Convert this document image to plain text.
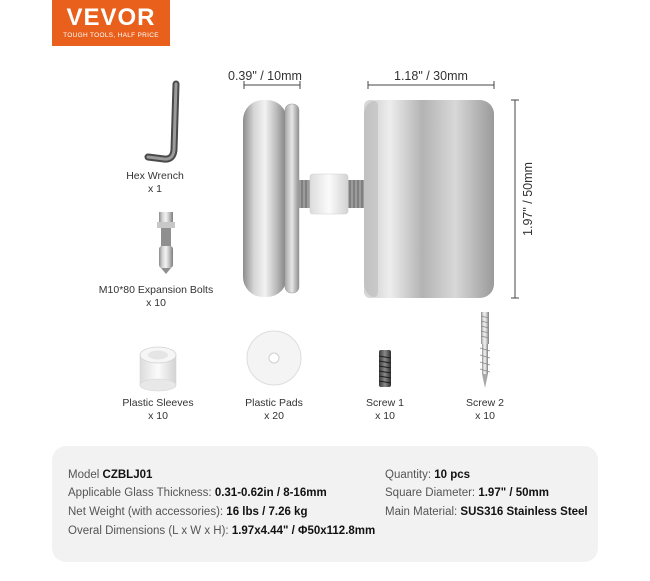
VEVOR
TOUGH TOOLS, HALF PRICE
0.39" / 10mm	1.18" / 30mm
1.97" / 50mm
Hex Wrench
x 1
M10*80 Expansion Bolts
x 10
Plastic Sleeves
x 10
Plastic Pads
x 20
Screw 1
x 10
Screw 2
x 10
Model CZBLJ01
Applicable Glass Thickness: 0.31-0.62in / 8-16mm
Net Weight (with accessories): 16 lbs / 7.26 kg
Overal Dimensions (L x W x H): 1.97x4.44" / Φ50x112.8mm
Quantity: 10 pcs
Square Diameter: 1.97" / 50mm
Main Material: SUS316 Stainless Steel
